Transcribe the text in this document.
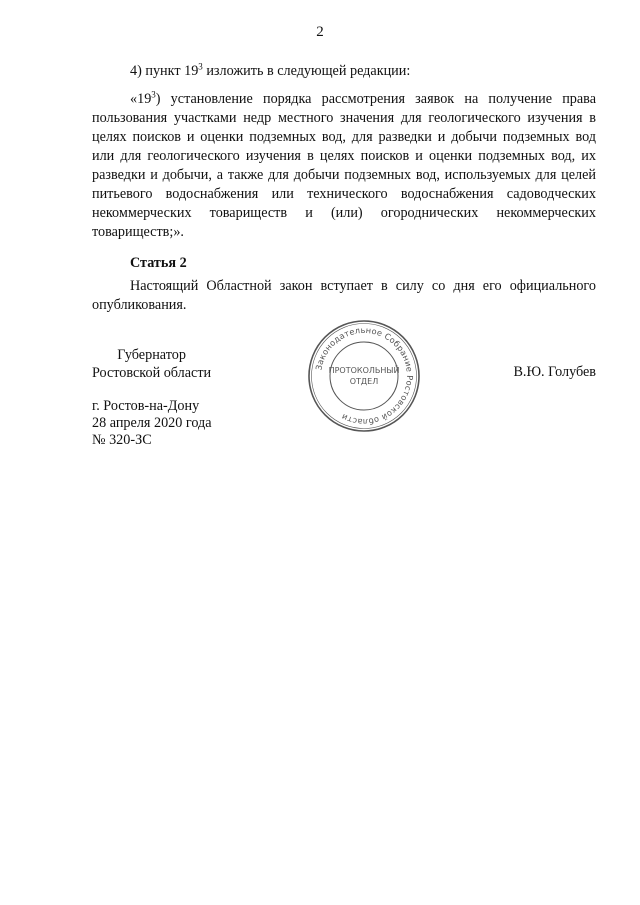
2
4) пункт $19^3$ изложить в следующей редакции:
«$19^3$) установление порядка рассмотрения заявок на получение права пользования участками недр местного значения для геологического изучения в целях поисков и оценки подземных вод, для разведки и добычи подземных вод или для геологического изучения в целях поисков и оценки подземных вод, их разведки и добычи, а также для добычи подземных вод, используемых для целей питьевого водоснабжения или технического водоснабжения садоводческих некоммерческих товариществ и (или) огороднических некоммерческих товариществ;».
Статья 2
Настоящий Областной закон вступает в силу со дня его официального опубликования.
Губернатор
Ростовской области	В.Ю. Голубев
г. Ростов-на-Дону
28 апреля 2020 года
№ 320-ЗС
Законодательное Собрание Ростовской области
ПРОТОКОЛЬНЫЙ
ОТДЕЛ
